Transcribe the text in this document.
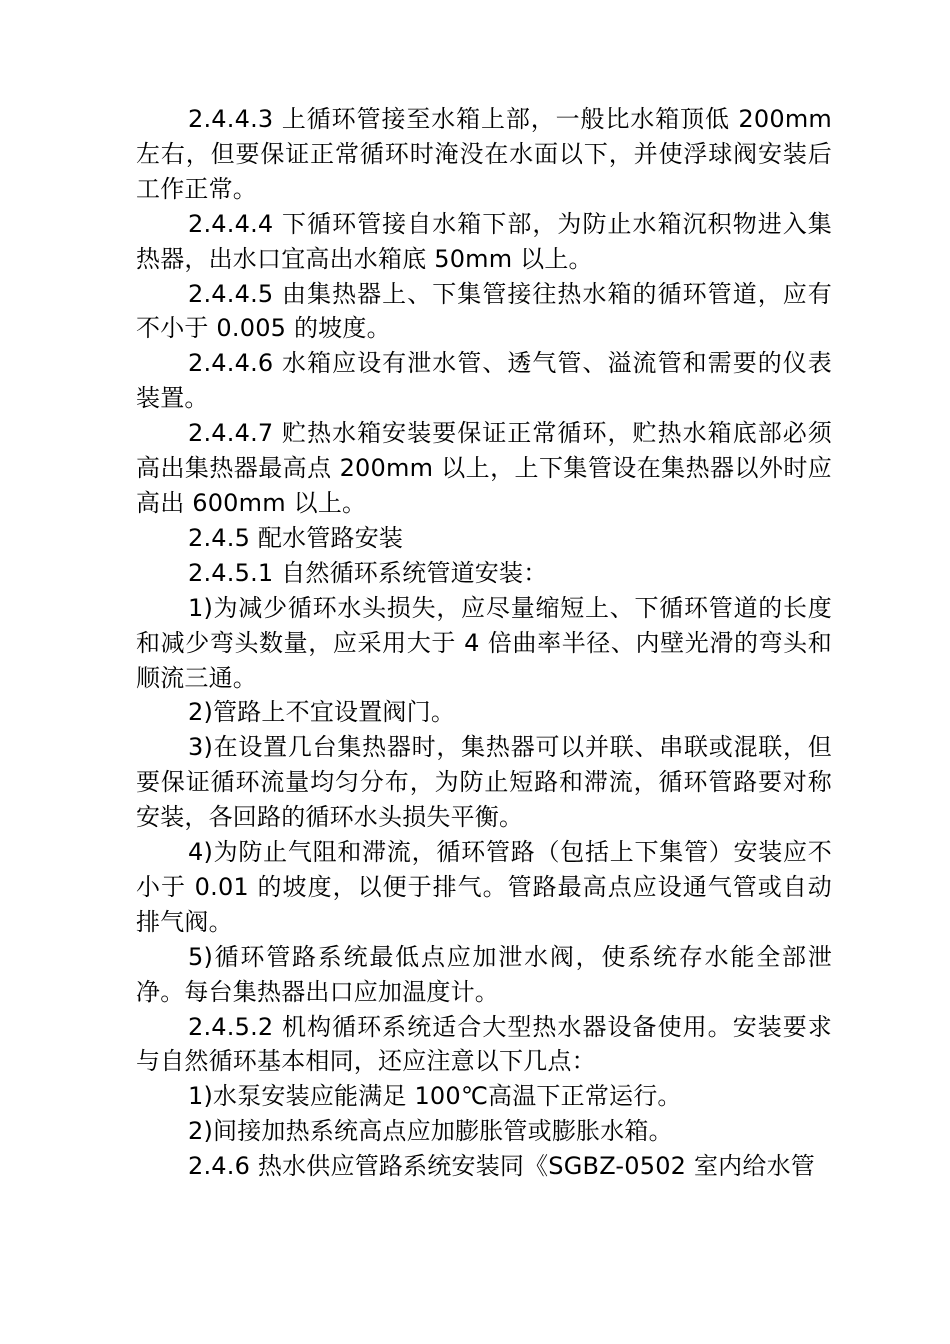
2.4.4.3 上循环管接至水箱上部，一般比水箱顶低 200mm 左右，但要保证正常循环时淹没在水面以下，并使浮球阀安装后工作正常。

2.4.4.4 下循环管接自水箱下部，为防止水箱沉积物进入集热器，出水口宜高出水箱底 50mm 以上。

2.4.4.5 由集热器上、下集管接往热水箱的循环管道，应有不小于 0.005 的坡度。

2.4.4.6 水箱应设有泄水管、透气管、溢流管和需要的仪表装置。

2.4.4.7 贮热水箱安装要保证正常循环，贮热水箱底部必须高出集热器最高点 200mm 以上，上下集管设在集热器以外时应高出 600mm 以上。

2.4.5 配水管路安装

2.4.5.1 自然循环系统管道安装：

1)为减少循环水头损失，应尽量缩短上、下循环管道的长度和减少弯头数量，应采用大于 4 倍曲率半径、内壁光滑的弯头和顺流三通。

2)管路上不宜设置阀门。

3)在设置几台集热器时，集热器可以并联、串联或混联，但要保证循环流量均匀分布，为防止短路和滞流，循环管路要对称安装，各回路的循环水头损失平衡。

4)为防止气阻和滞流，循环管路（包括上下集管）安装应不小于 0.01 的坡度，以便于排气。管路最高点应设通气管或自动排气阀。

5)循环管路系统最低点应加泄水阀，使系统存水能全部泄净。每台集热器出口应加温度计。

2.4.5.2 机构循环系统适合大型热水器设备使用。安装要求与自然循环基本相同，还应注意以下几点：

1)水泵安装应能满足 100℃高温下正常运行。

2)间接加热系统高点应加膨胀管或膨胀水箱。

2.4.6 热水供应管路系统安装同《SGBZ-0502 室内给水管
